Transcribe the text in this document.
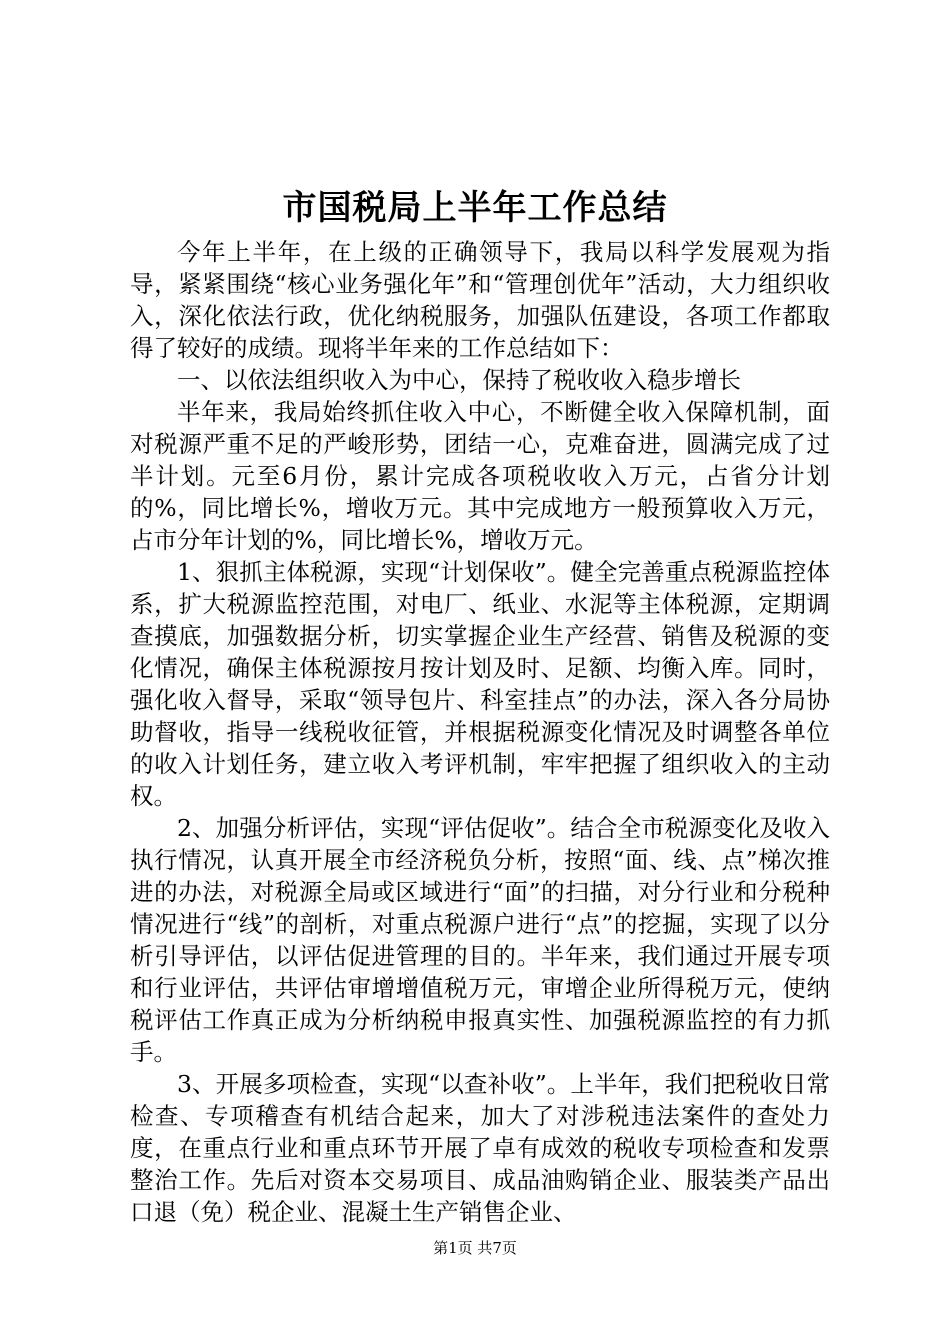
市国税局上半年工作总结

今年上半年，在上级的正确领导下，我局以科学发展观为指导，紧紧围绕“核心业务强化年”和“管理创优年”活动，大力组织收入，深化依法行政，优化纳税服务，加强队伍建设，各项工作都取得了较好的成绩。现将半年来的工作总结如下：

一、以依法组织收入为中心，保持了税收收入稳步增长

半年来，我局始终抓住收入中心，不断健全收入保障机制，面对税源严重不足的严峻形势，团结一心，克难奋进，圆满完成了过半计划。元至6月份，累计完成各项税收收入万元，占省分计划的%，同比增长%，增收万元。其中完成地方一般预算收入万元，占市分年计划的%，同比增长%，增收万元。

1、狠抓主体税源，实现“计划保收”。健全完善重点税源监控体系，扩大税源监控范围，对电厂、纸业、水泥等主体税源，定期调查摸底，加强数据分析，切实掌握企业生产经营、销售及税源的变化情况，确保主体税源按月按计划及时、足额、均衡入库。同时，强化收入督导，采取“领导包片、科室挂点”的办法，深入各分局协助督收，指导一线税收征管，并根据税源变化情况及时调整各单位的收入计划任务，建立收入考评机制，牢牢把握了组织收入的主动权。

2、加强分析评估，实现“评估促收”。结合全市税源变化及收入执行情况，认真开展全市经济税负分析，按照“面、线、点”梯次推进的办法，对税源全局或区域进行“面”的扫描，对分行业和分税种情况进行“线”的剖析，对重点税源户进行“点”的挖掘，实现了以分析引导评估，以评估促进管理的目的。半年来，我们通过开展专项和行业评估，共评估审增增值税万元，审增企业所得税万元，使纳税评估工作真正成为分析纳税申报真实性、加强税源监控的有力抓手。

3、开展多项检查，实现“以查补收”。上半年，我们把税收日常检查、专项稽查有机结合起来，加大了对涉税违法案件的查处力度，在重点行业和重点环节开展了卓有成效的税收专项检查和发票整治工作。先后对资本交易项目、成品油购销企业、服装类产品出口退（免）税企业、混凝土生产销售企业、

第1页 共7页
